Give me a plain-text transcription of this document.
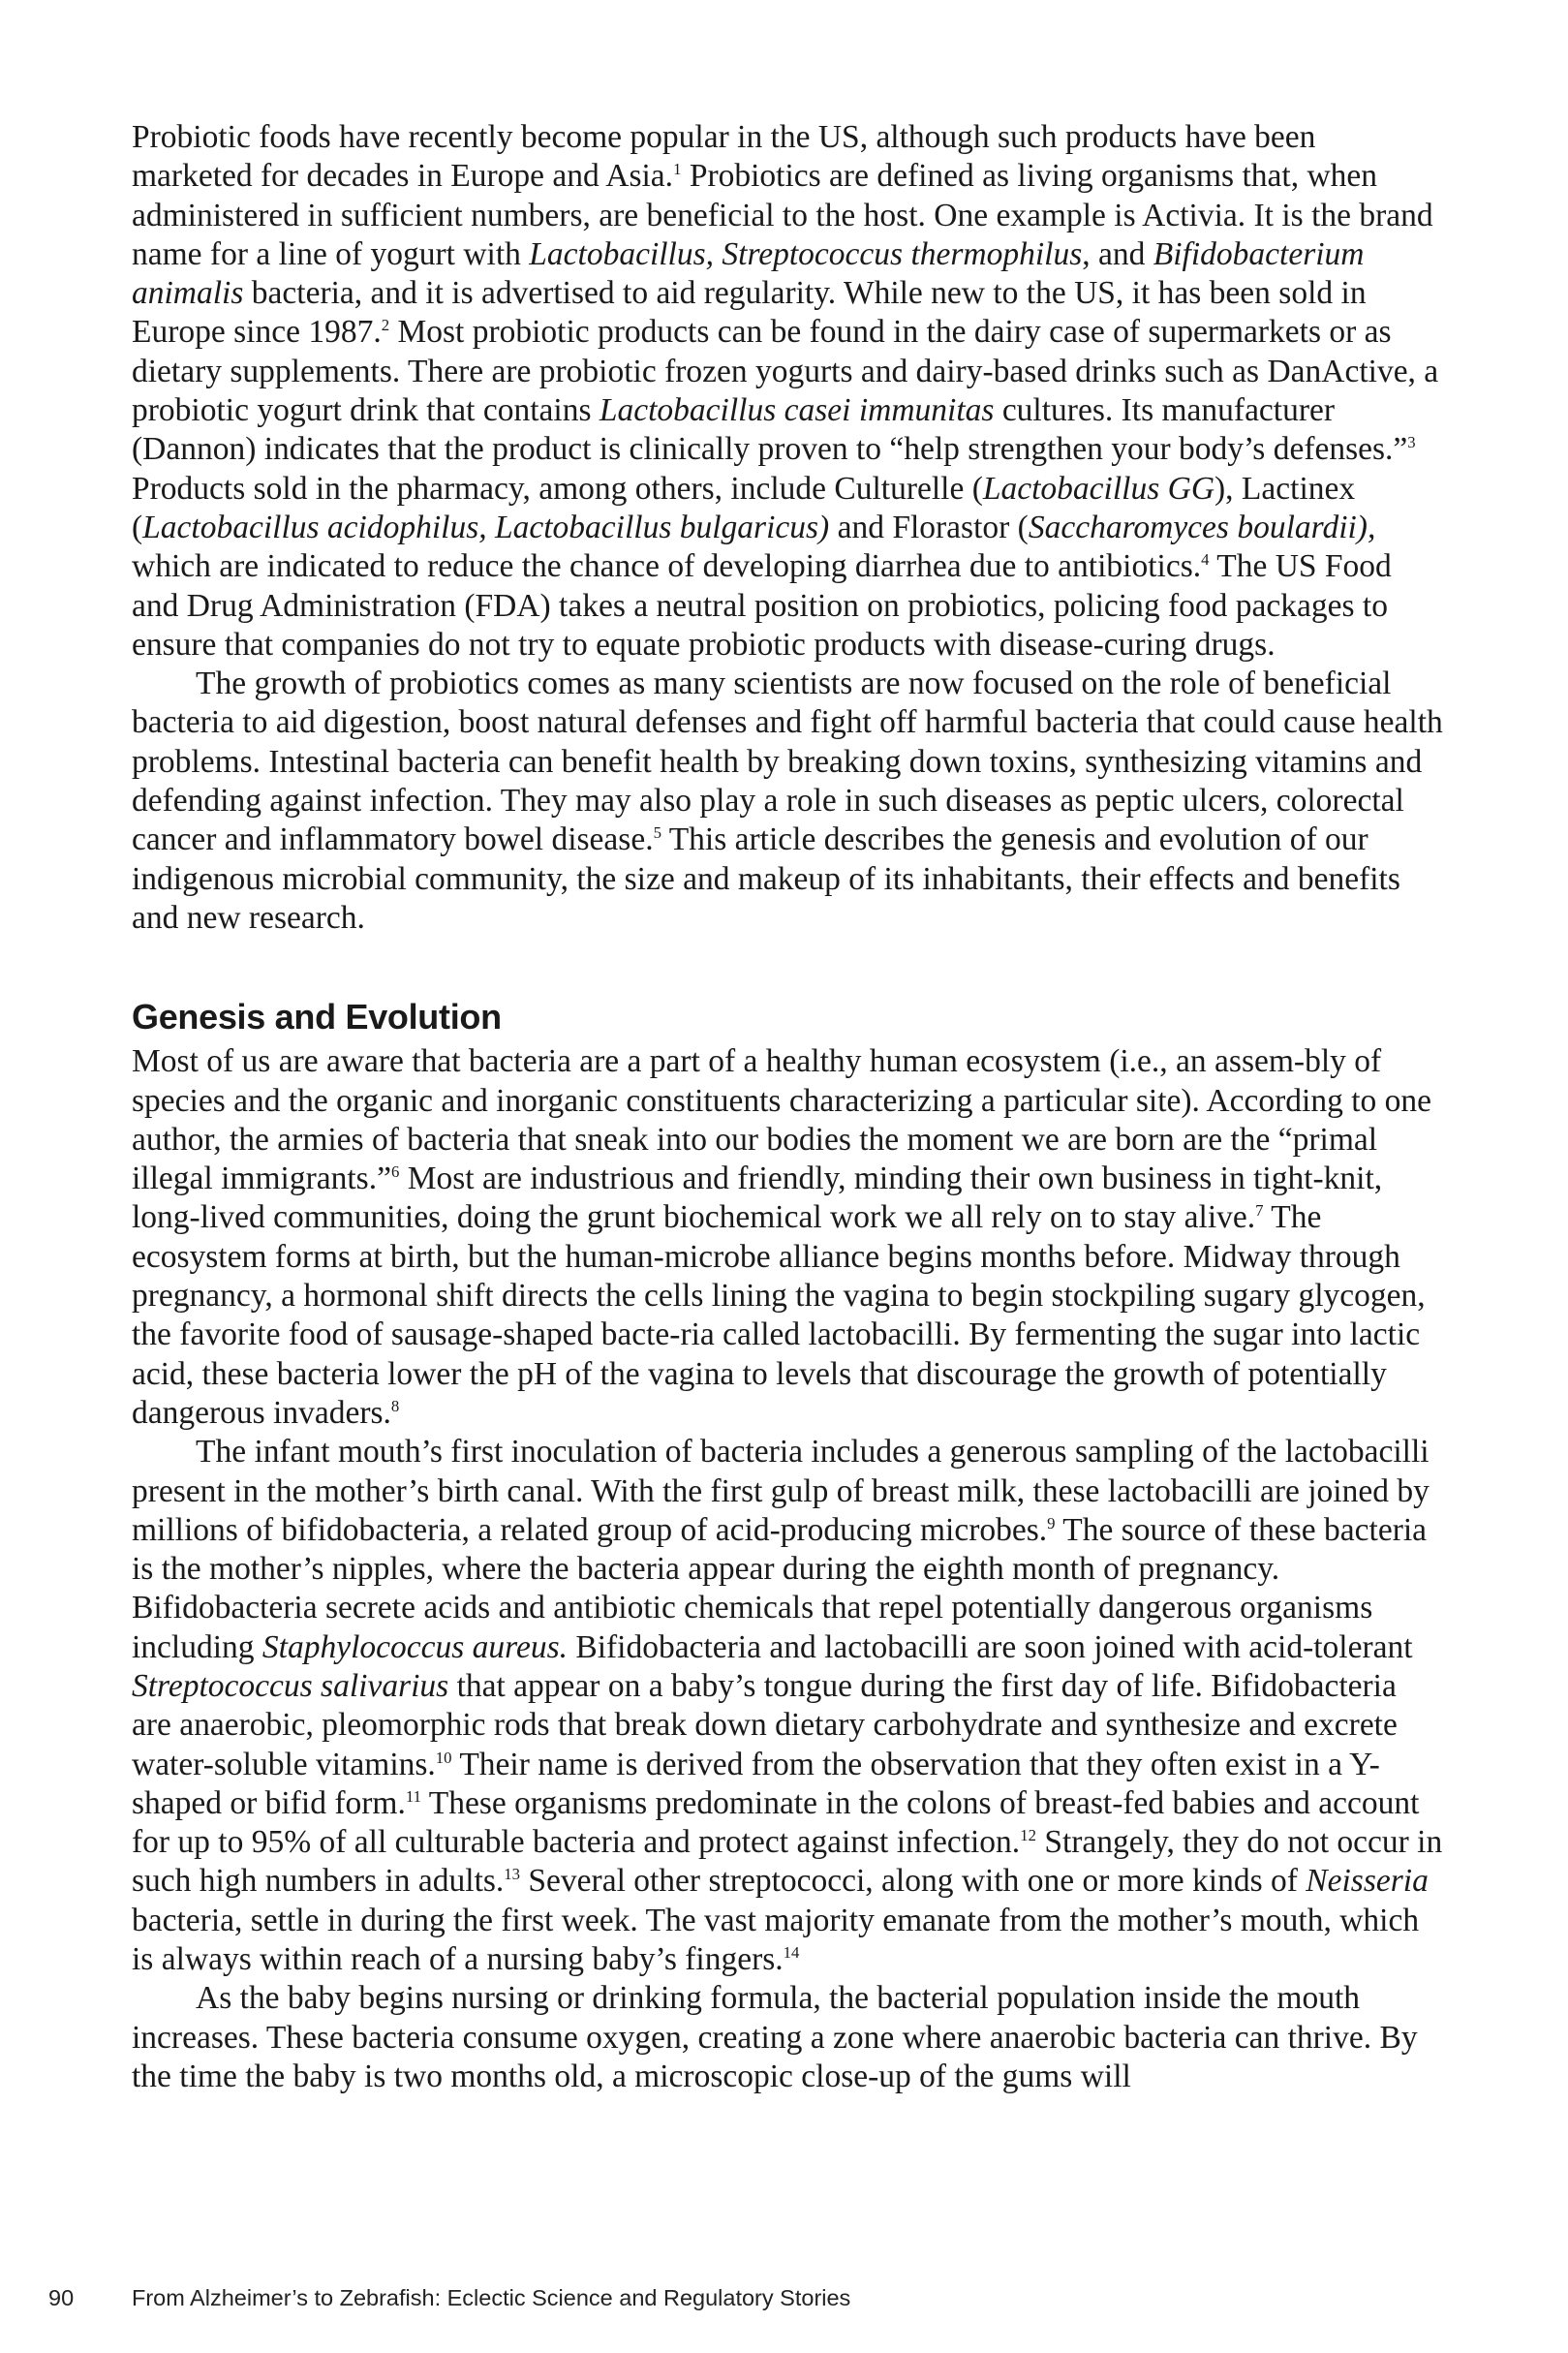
Probiotic foods have recently become popular in the US, although such products have been marketed for decades in Europe and Asia.$^1$ Probiotics are defined as living organisms that, when administered in sufficient numbers, are beneficial to the host. One example is Activia. It is the brand name for a line of yogurt with Lactobacillus, Streptococcus thermophilus, and Bifidobacterium animalis bacteria, and it is advertised to aid regularity. While new to the US, it has been sold in Europe since 1987.$^2$ Most probiotic products can be found in the dairy case of supermarkets or as dietary supplements. There are probiotic frozen yogurts and dairy-based drinks such as DanActive, a probiotic yogurt drink that contains Lactobacillus casei immunitas cultures. Its manufacturer (Dannon) indicates that the product is clinically proven to “help strengthen your body’s defenses.”$^3$ Products sold in the pharmacy, among others, include Culturelle (Lactobacillus GG), Lactinex (Lactobacillus acidophilus, Lactobacillus bulgaricus) and Florastor (Saccharomyces boulardii), which are indicated to reduce the chance of developing diarrhea due to antibiotics.$^4$ The US Food and Drug Administration (FDA) takes a neutral position on probiotics, policing food packages to ensure that companies do not try to equate probiotic products with disease-curing drugs.

The growth of probiotics comes as many scientists are now focused on the role of beneficial bacteria to aid digestion, boost natural defenses and fight off harmful bacteria that could cause health problems. Intestinal bacteria can benefit health by breaking down toxins, synthesizing vitamins and defending against infection. They may also play a role in such diseases as peptic ulcers, colorectal cancer and inflammatory bowel disease.$^5$ This article describes the genesis and evolution of our indigenous microbial community, the size and makeup of its inhabitants, their effects and benefits and new research.

Genesis and Evolution

Most of us are aware that bacteria are a part of a healthy human ecosystem (i.e., an assem-bly of species and the organic and inorganic constituents characterizing a particular site). According to one author, the armies of bacteria that sneak into our bodies the moment we are born are the “primal illegal immigrants.”$^6$ Most are industrious and friendly, minding their own business in tight-knit, long-lived communities, doing the grunt biochemical work we all rely on to stay alive.$^7$ The ecosystem forms at birth, but the human-microbe alliance begins months before. Midway through pregnancy, a hormonal shift directs the cells lining the vagina to begin stockpiling sugary glycogen, the favorite food of sausage-shaped bacte-ria called lactobacilli. By fermenting the sugar into lactic acid, these bacteria lower the pH of the vagina to levels that discourage the growth of potentially dangerous invaders.$^8$

The infant mouth’s first inoculation of bacteria includes a generous sampling of the lactobacilli present in the mother’s birth canal. With the first gulp of breast milk, these lactobacilli are joined by millions of bifidobacteria, a related group of acid-producing microbes.$^9$ The source of these bacteria is the mother’s nipples, where the bacteria appear during the eighth month of pregnancy. Bifidobacteria secrete acids and antibiotic chemicals that repel potentially dangerous organisms including Staphylococcus aureus. Bifidobacteria and lactobacilli are soon joined with acid-tolerant Streptococcus salivarius that appear on a baby’s tongue during the first day of life. Bifidobacteria are anaerobic, pleomorphic rods that break down dietary carbohydrate and synthesize and excrete water-soluble vitamins.$^{10}$ Their name is derived from the observation that they often exist in a Y-shaped or bifid form.$^{11}$ These organisms predominate in the colons of breast-fed babies and account for up to 95% of all culturable bacteria and protect against infection.$^{12}$ Strangely, they do not occur in such high numbers in adults.$^{13}$ Several other streptococci, along with one or more kinds of Neisseria bacteria, settle in during the first week. The vast majority emanate from the mother’s mouth, which is always within reach of a nursing baby’s fingers.$^{14}$

As the baby begins nursing or drinking formula, the bacterial population inside the mouth increases. These bacteria consume oxygen, creating a zone where anaerobic bacteria can thrive. By the time the baby is two months old, a microscopic close-up of the gums will

90	From Alzheimer’s to Zebrafish: Eclectic Science and Regulatory Stories
